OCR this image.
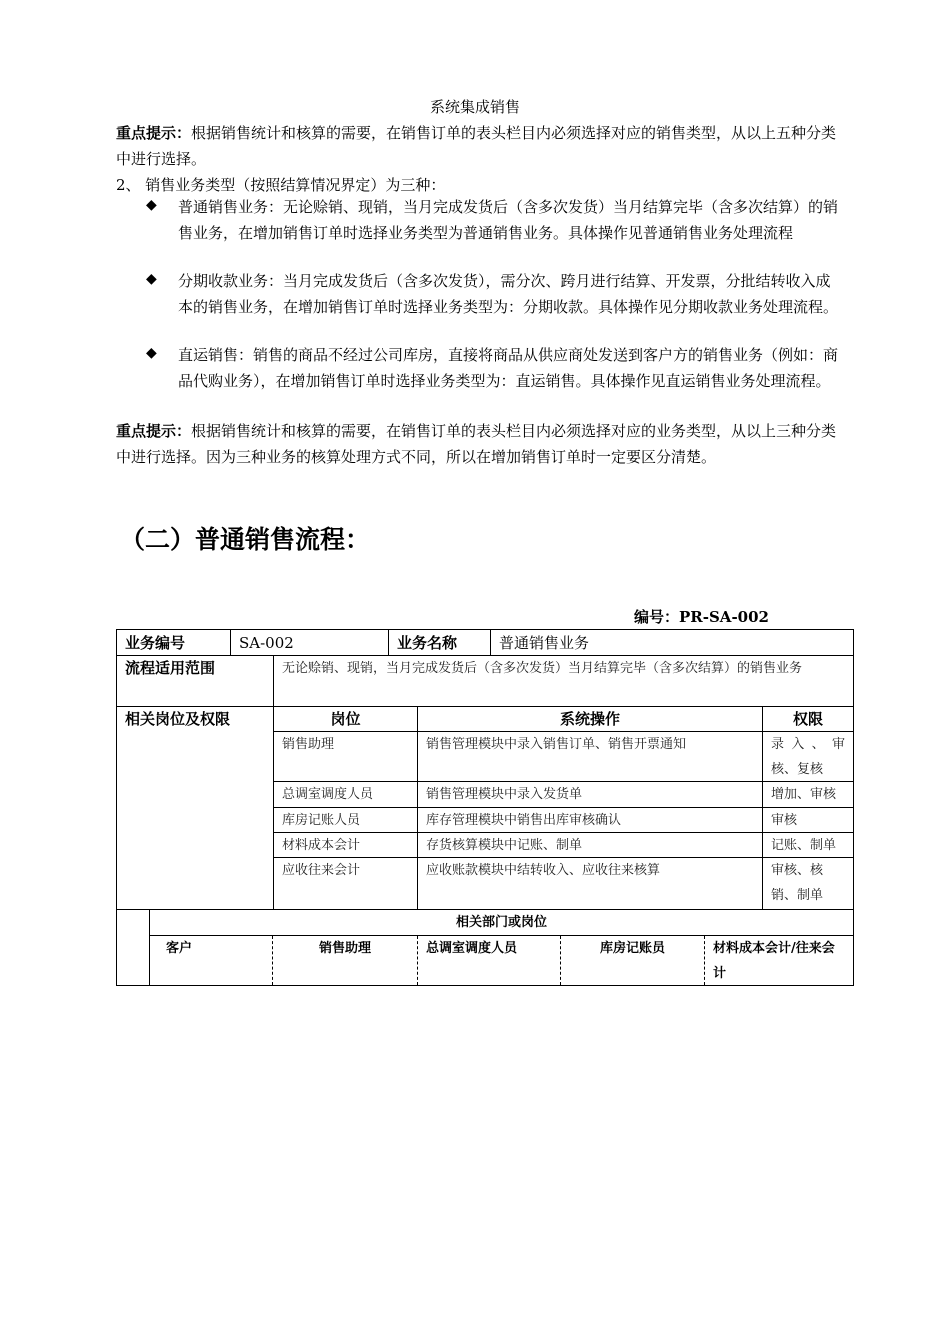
系统集成销售
重点提示：根据销售统计和核算的需要，在销售订单的表头栏目内必须选择对应的销售类型，从以上五种分类中进行选择。
2、 销售业务类型（按照结算情况界定）为三种：
◆ 普通销售业务：无论赊销、现销，当月完成发货后（含多次发货）当月结算完毕（含多次结算）的销售业务，在增加销售订单时选择业务类型为普通销售业务。具体操作见普通销售业务处理流程
◆ 分期收款业务：当月完成发货后（含多次发货），需分次、跨月进行结算、开发票，分批结转收入成本的销售业务，在增加销售订单时选择业务类型为：分期收款。具体操作见分期收款业务处理流程。
◆ 直运销售：销售的商品不经过公司库房，直接将商品从供应商处发送到客户方的销售业务（例如：商品代购业务），在增加销售订单时选择业务类型为：直运销售。具体操作见直运销售业务处理流程。
重点提示：根据销售统计和核算的需要，在销售订单的表头栏目内必须选择对应的业务类型，从以上三种分类中进行选择。因为三种业务的核算处理方式不同，所以在增加销售订单时一定要区分清楚。
（二）普通销售流程：
编号：PR-SA-002
业务编号	SA-002	业务名称	普通销售业务
流程适用范围	无论赊销、现销，当月完成发货后（含多次发货）当月结算完毕（含多次结算）的销售业务
相关岗位及权限	岗位	系统操作	权限
销售助理	销售管理模块中录入销售订单、销售开票通知	录入、审核、复核
总调室调度人员	销售管理模块中录入发货单	增加、审核
库房记账人员	库存管理模块中销售出库审核确认	审核
材料成本会计	存货核算模块中记账、制单	记账、制单
应收往来会计	应收账款模块中结转收入、应收往来核算	审核、核销、制单
相关部门或岗位
客户	销售助理	总调室调度人员	库房记账员	材料成本会计/往来会计
